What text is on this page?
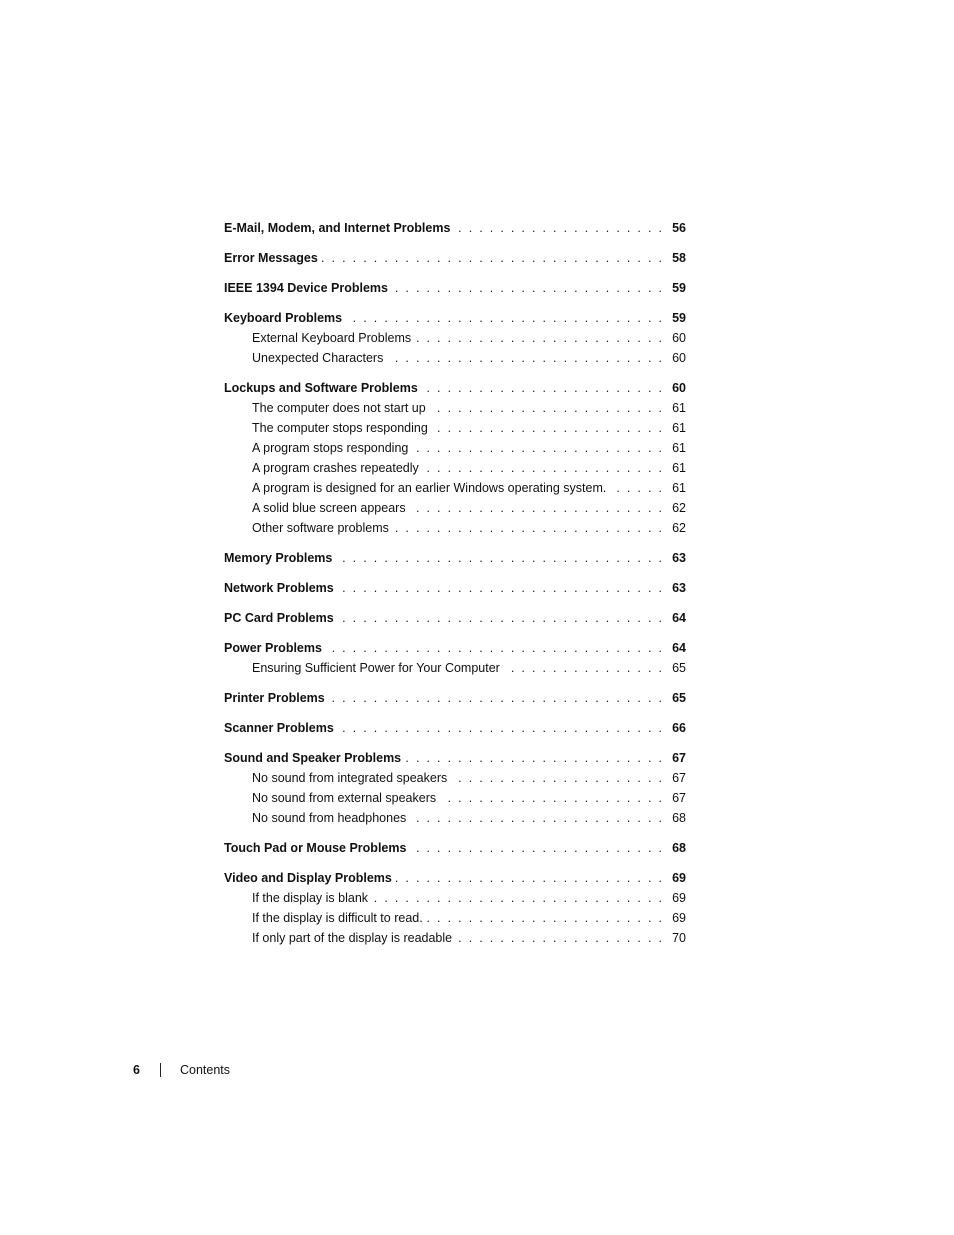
E-Mail, Modem, and Internet Problems . . .	56
Error Messages . . .	58
IEEE 1394 Device Problems . . .	59
Keyboard Problems . . .	59
External Keyboard Problems . . .	60
Unexpected Characters . . .	60
Lockups and Software Problems . . .	60
The computer does not start up . . .	61
The computer stops responding . . .	61
A program stops responding . . .	61
A program crashes repeatedly . . .	61
A program is designed for an earlier Windows operating system. . . .	61
A solid blue screen appears . . .	62
Other software problems . . .	62
Memory Problems . . .	63
Network Problems . . .	63
PC Card Problems . . .	64
Power Problems . . .	64
Ensuring Sufficient Power for Your Computer . . .	65
Printer Problems . . .	65
Scanner Problems . . .	66
Sound and Speaker Problems . . .	67
No sound from integrated speakers . . .	67
No sound from external speakers . . .	67
No sound from headphones . . .	68
Touch Pad or Mouse Problems . . .	68
Video and Display Problems . . .	69
If the display is blank . . .	69
If the display is difficult to read. . . .	69
If only part of the display is readable . . .	70
6	Contents
